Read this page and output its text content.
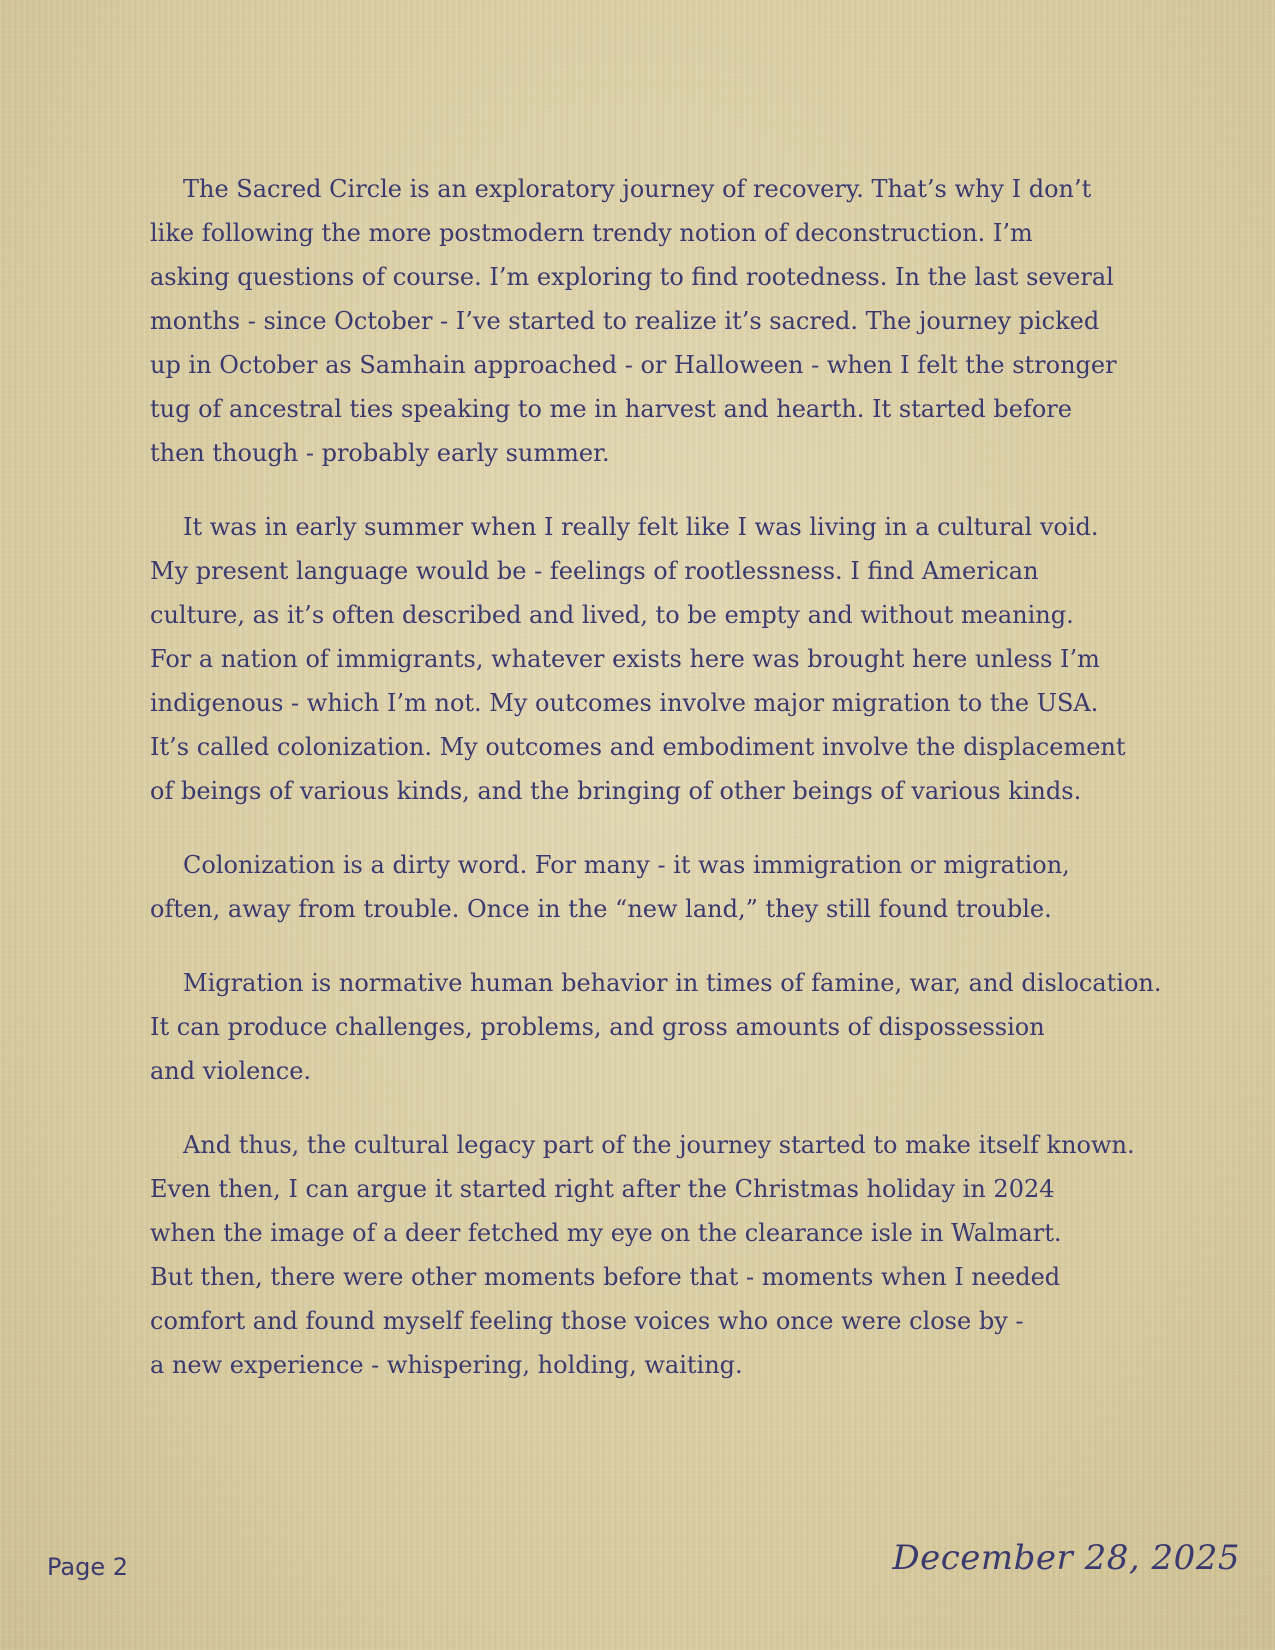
The Sacred Circle is an exploratory journey of recovery. That’s why I don’t
like following the more postmodern trendy notion of deconstruction. I’m
asking questions of course. I’m exploring to find rootedness. In the last several
months - since October - I’ve started to realize it’s sacred. The journey picked
up in October as Samhain approached - or Halloween - when I felt the stronger
tug of ancestral ties speaking to me in harvest and hearth. It started before
then though - probably early summer.

It was in early summer when I really felt like I was living in a cultural void.
My present language would be - feelings of rootlessness. I find American
culture, as it’s often described and lived, to be empty and without meaning.
For a nation of immigrants, whatever exists here was brought here unless I’m
indigenous - which I’m not. My outcomes involve major migration to the USA.
It’s called colonization. My outcomes and embodiment involve the displacement
of beings of various kinds, and the bringing of other beings of various kinds.

Colonization is a dirty word. For many - it was immigration or migration,
often, away from trouble. Once in the “new land,” they still found trouble.

Migration is normative human behavior in times of famine, war, and dislocation.
It can produce challenges, problems, and gross amounts of dispossession
and violence.

And thus, the cultural legacy part of the journey started to make itself known.
Even then, I can argue it started right after the Christmas holiday in 2024
when the image of a deer fetched my eye on the clearance isle in Walmart.
But then, there were other moments before that - moments when I needed
comfort and found myself feeling those voices who once were close by -
a new experience - whispering, holding, waiting.

Page 2	December 28, 2025
